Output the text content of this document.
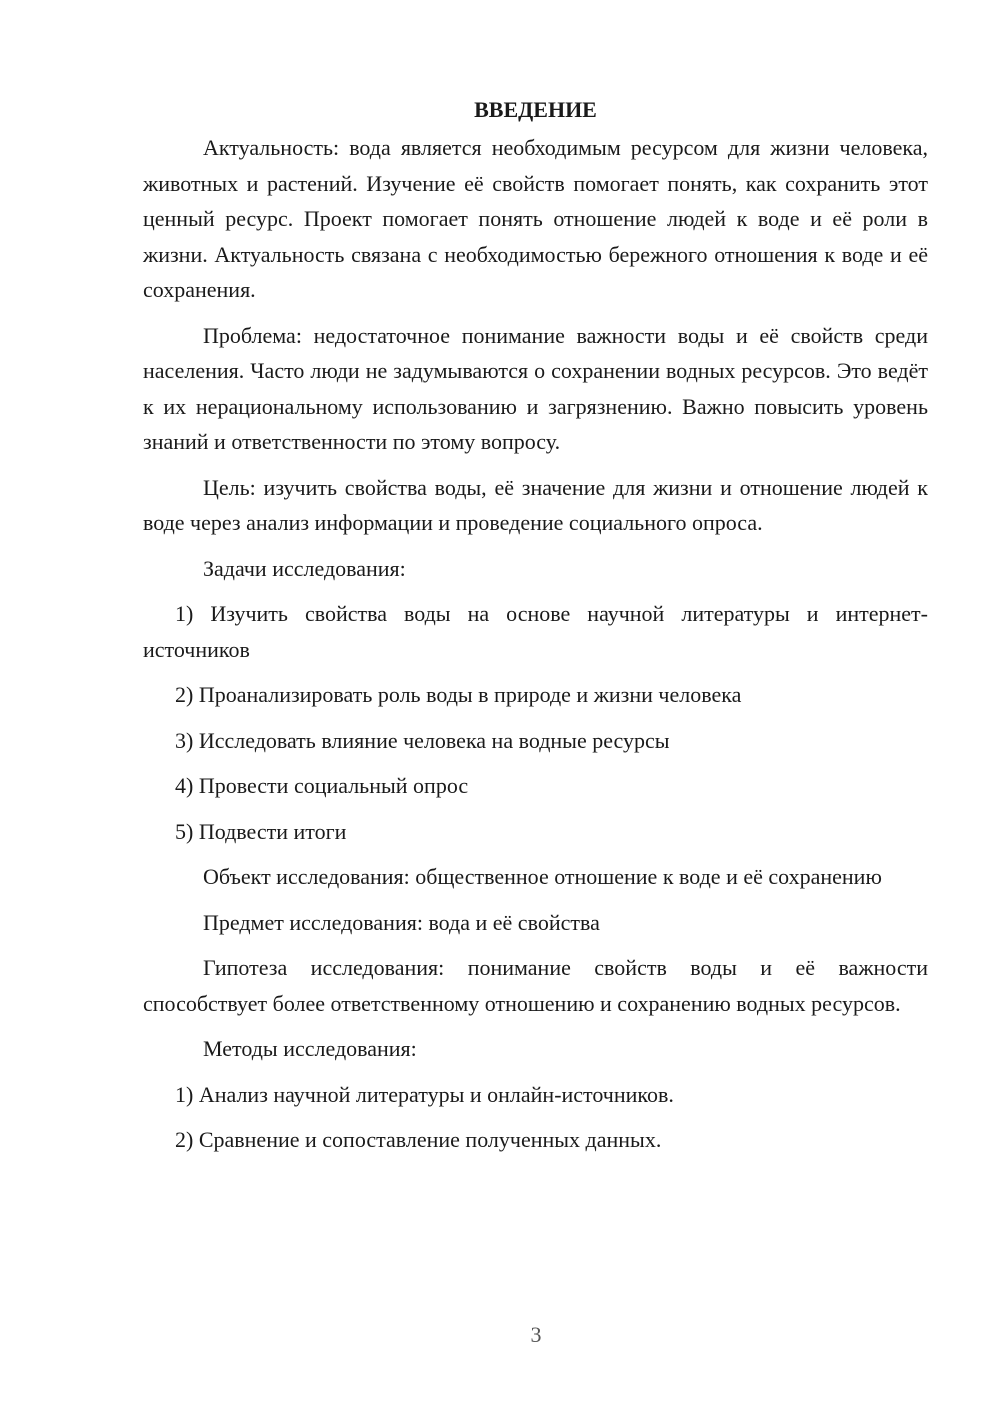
ВВЕДЕНИЕ

Актуальность: вода является необходимым ресурсом для жизни человека, животных и растений. Изучение её свойств помогает понять, как сохранить этот ценный ресурс. Проект помогает понять отношение людей к воде и её роли в жизни. Актуальность связана с необходимостью бережного отношения к воде и её сохранения.

Проблема: недостаточное понимание важности воды и её свойств среди населения. Часто люди не задумываются о сохранении водных ресурсов. Это ведёт к их нерациональному использованию и загрязнению. Важно повысить уровень знаний и ответственности по этому вопросу.

Цель: изучить свойства воды, её значение для жизни и отношение людей к воде через анализ информации и проведение социального опроса.

Задачи исследования:

1) Изучить свойства воды на основе научной литературы и интернет-источников

2) Проанализировать роль воды в природе и жизни человека

3) Исследовать влияние человека на водные ресурсы

4) Провести социальный опрос

5) Подвести итоги

Объект исследования: общественное отношение к воде и её сохранению

Предмет исследования: вода и её свойства

Гипотеза исследования: понимание свойств воды и её важности способствует более ответственному отношению и сохранению водных ресурсов.

Методы исследования:

1) Анализ научной литературы и онлайн-источников.

2) Сравнение и сопоставление полученных данных.

3
